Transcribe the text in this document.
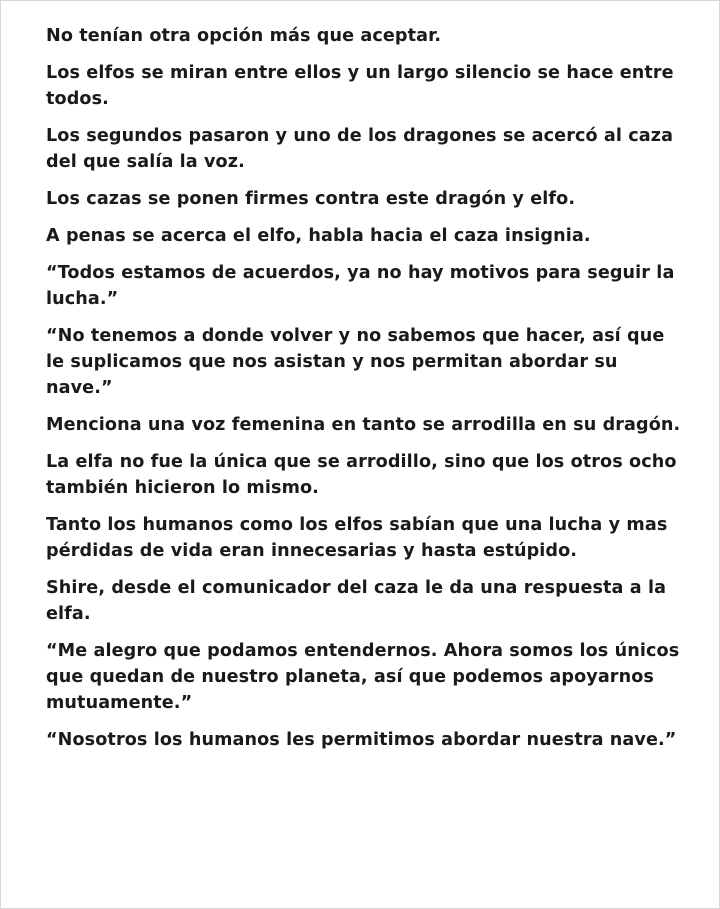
No tenían otra opción más que aceptar.

Los elfos se miran entre ellos y un largo silencio se hace entre todos.

Los segundos pasaron y uno de los dragones se acercó al caza del que salía la voz.

Los cazas se ponen firmes contra este dragón y elfo.

A penas se acerca el elfo, habla hacia el caza insignia.

“Todos estamos de acuerdos, ya no hay motivos para seguir la lucha.”

“No tenemos a donde volver y no sabemos que hacer, así que le suplicamos que nos asistan y nos permitan abordar su nave.”

Menciona una voz femenina en tanto se arrodilla en su dragón.

La elfa no fue la única que se arrodillo, sino que los otros ocho también hicieron lo mismo.

Tanto los humanos como los elfos sabían que una lucha y mas pérdidas de vida eran innecesarias y hasta estúpido.

Shire, desde el comunicador del caza le da una respuesta a la elfa.

“Me alegro que podamos entendernos. Ahora somos los únicos que quedan de nuestro planeta, así que podemos apoyarnos mutuamente.”

“Nosotros los humanos les permitimos abordar nuestra nave.”
